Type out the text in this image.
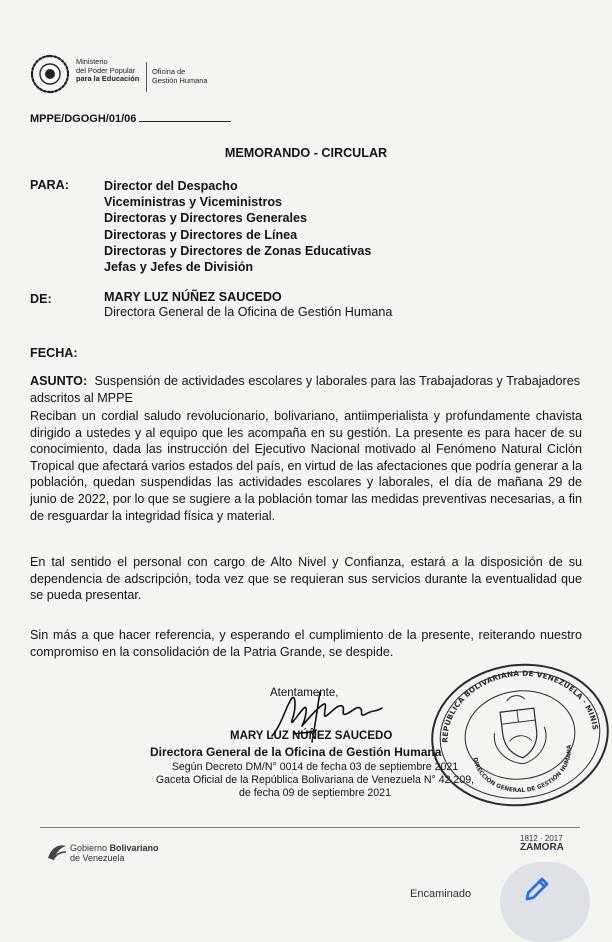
Ministerio
del Poder Popular
para la Educación
Oficina de
Gestión Humana
MPPE/DGOGH/01/06
MEMORANDO - CIRCULAR
PARA:	Director del Despacho
Viceministras y Viceministros
Directoras y Directores Generales
Directoras y Directores de Línea
Directoras y Directores de Zonas Educativas
Jefas y Jefes de División
DE:	MARY LUZ NÚÑEZ SAUCEDO
Directora General de la Oficina de Gestión Humana
FECHA:
ASUNTO: Suspensión de actividades escolares y laborales para las Trabajadoras y Trabajadores adscritos al MPPE
Reciban un cordial saludo revolucionario, bolivariano, antiimperialista y profundamente chavista dirigido a ustedes y al equipo que les acompaña en su gestión. La presente es para hacer de su conocimiento, dada las instrucción del Ejecutivo Nacional motivado al Fenómeno Natural Ciclón Tropical que afectará varios estados del país, en virtud de las afectaciones que podría generar a la población, quedan suspendidas las actividades escolares y laborales, el día de mañana 29 de junio de 2022, por lo que se sugiere a la población tomar las medidas preventivas necesarias, a fin de resguardar la integridad física y material.
En tal sentido el personal con cargo de Alto Nivel y Confianza, estará a la disposición de su dependencia de adscripción, toda vez que se requieran sus servicios durante la eventualidad que se pueda presentar.
Sin más a que hacer referencia, y esperando el cumplimiento de la presente, reiterando nuestro compromiso en la consolidación de la Patria Grande, se despide.
Atentamente,
MARY LUZ NÚÑEZ SAUCEDO
Directora General de la Oficina de Gestión Humana
Según Decreto DM/N° 0014 de fecha 03 de septiembre 2021
Gaceta Oficial de la República Bolivariana de Venezuela N° 42.209,
de fecha 09 de septiembre 2021
REPÚBLICA BOLIVARIANA DE VENEZUELA · MINISTERIO
DIRECCIÓN GENERAL DE GESTIÓN HUMANA
Gobierno Bolivariano
de Venezuela
1812 · 2017
ZAMORA
Encaminado
